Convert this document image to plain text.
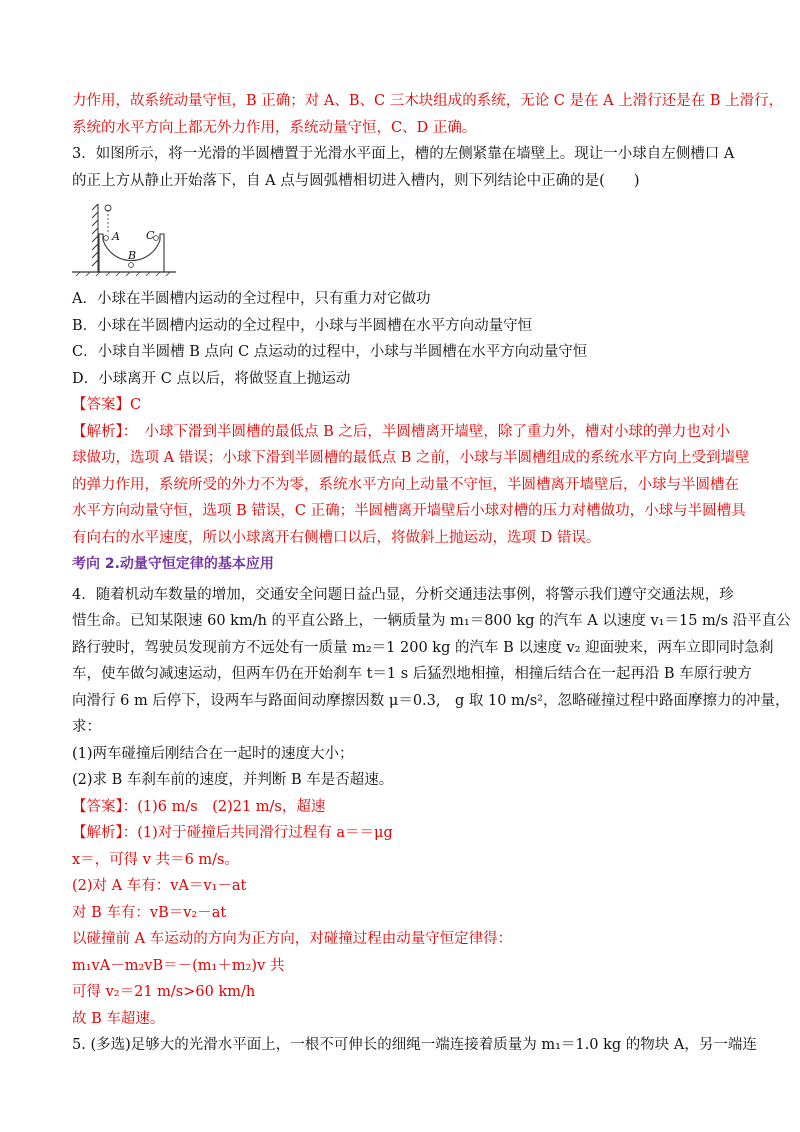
力作用，故系统动量守恒，B 正确；对 A、B、C 三木块组成的系统，无论 C 是在 A 上滑行还是在 B 上滑行，
系统的水平方向上都无外力作用，系统动量守恒，C、D 正确。
3．如图所示，将一光滑的半圆槽置于光滑水平面上，槽的左侧紧靠在墙壁上。现让一小球自左侧槽口 A
的正上方从静止开始落下，自 A 点与圆弧槽相切进入槽内，则下列结论中正确的是(　　)
A
B
C
A．小球在半圆槽内运动的全过程中，只有重力对它做功
B．小球在半圆槽内运动的全过程中，小球与半圆槽在水平方向动量守恒
C．小球自半圆槽 B 点向 C 点运动的过程中，小球与半圆槽在水平方向动量守恒
D．小球离开 C 点以后，将做竖直上抛运动
【答案】C
【解析】：　小球下滑到半圆槽的最低点 B 之后，半圆槽离开墙壁，除了重力外，槽对小球的弹力也对小
球做功，选项 A 错误；小球下滑到半圆槽的最低点 B 之前，小球与半圆槽组成的系统水平方向上受到墙壁
的弹力作用，系统所受的外力不为零，系统水平方向上动量不守恒，半圆槽离开墙壁后，小球与半圆槽在
水平方向动量守恒，选项 B 错误，C 正确；半圆槽离开墙壁后小球对槽的压力对槽做功，小球与半圆槽具
有向右的水平速度，所以小球离开右侧槽口以后，将做斜上抛运动，选项 D 错误。
考向 2.动量守恒定律的基本应用
4．随着机动车数量的增加，交通安全问题日益凸显，分析交通违法事例，将警示我们遵守交通法规，珍
惜生命。已知某限速 60 km/h 的平直公路上，一辆质量为 m₁＝800 kg 的汽车 A 以速度 v₁＝15 m/s 沿平直公
路行驶时，驾驶员发现前方不远处有一质量 m₂＝1 200 kg 的汽车 B 以速度 v₂ 迎面驶来，两车立即同时急刹
车，使车做匀减速运动，但两车仍在开始刹车 t＝1 s 后猛烈地相撞，相撞后结合在一起再沿 B 车原行驶方
向滑行 6 m 后停下，设两车与路面间动摩擦因数 μ＝0.3,　g 取 10 m/s²，忽略碰撞过程中路面摩擦力的冲量，
求：
(1)两车碰撞后刚结合在一起时的速度大小；
(2)求 B 车刹车前的速度，并判断 B 车是否超速。
【答案】：(1)6 m/s　(2)21 m/s，超速
【解析】：(1)对于碰撞后共同滑行过程有 a＝＝μg
x＝，可得 v 共＝6 m/s。
(2)对 A 车有：vA＝v₁－at
对 B 车有：vB＝v₂－at
以碰撞前 A 车运动的方向为正方向，对碰撞过程由动量守恒定律得：
m₁vA－m₂vB＝－(m₁＋m₂)v 共
可得 v₂＝21 m/s>60 km/h
故 B 车超速。
5. (多选)足够大的光滑水平面上，一根不可伸长的细绳一端连接着质量为 m₁＝1.0 kg 的物块 A，另一端连
